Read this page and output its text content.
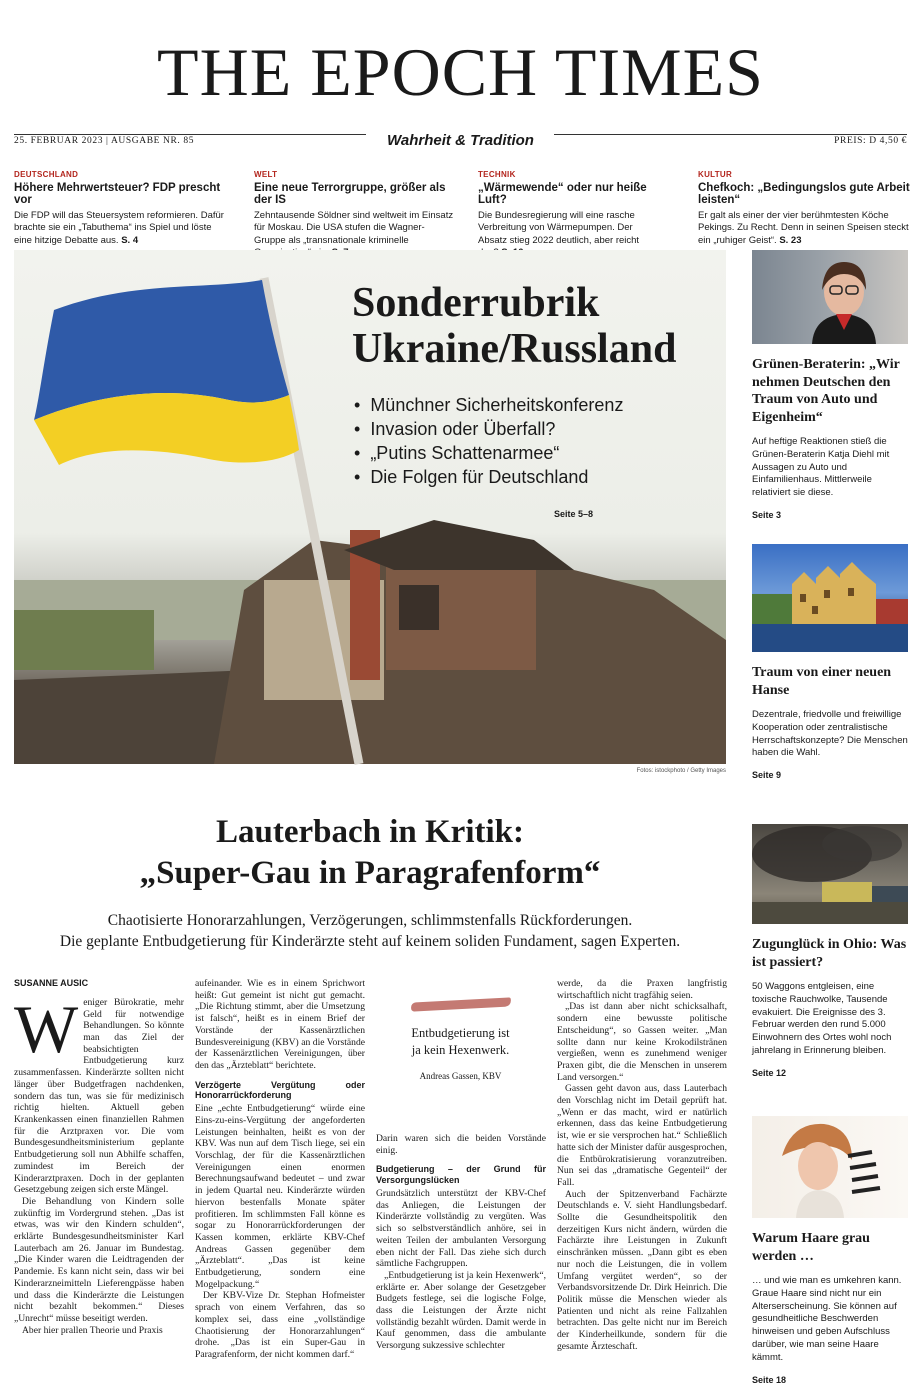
THE EPOCH TIMES
25. FEBRUAR 2023 | AUSGABE NR. 85	Wahrheit & Tradition	PREIS: D 4,50 €
DEUTSCHLAND
Höhere Mehrwertsteuer? FDP prescht vor
Die FDP will das Steuersystem reformieren. Dafür brachte sie ein „Tabuthema“ ins Spiel und löste eine hitzige Debatte aus. S. 4
WELT
Eine neue Terrorgruppe, größer als der IS
Zehntausende Söldner sind weltweit im Einsatz für Moskau. Die USA stufen die Wagner-Gruppe als „transnationale kriminelle
TECHNIK
„Wärmewende“ oder nur heiße Luft?
Die Bundesregierung will eine rasche Verbreitung von Wärmepumpen. Der Absatz stieg 2022 deutlich, aber reicht
KULTUR
Chefkoch: „Bedingungslos gute Arbeit leisten“
Er galt als einer der vier berühmtesten Köche Pekings. Zu Recht. Denn in seinen Speisen steckt ein „ruhiger Geist“. S. 23
Sonderrubrik
Ukraine/Russland
• Münchner Sicherheitskonferenz
• Invasion oder Überfall?
• „Putins Schattenarmee“
• Die Folgen für Deutschland
Seite 5–8
Fotos: istockphoto / Getty Images
Grünen-Beraterin: „Wir nehmen Deutschen den Traum von Auto und Eigenheim“
Auf heftige Reaktionen stieß die Grünen-Beraterin Katja Diehl mit Aussagen zu Auto und Einfamilienhaus. Mittlerweile relativiert sie diese.
Seite 3
Traum von einer neuen Hanse
Dezentrale, friedvolle und freiwillige Kooperation oder zentralistische Herrschaftskonzepte? Die Menschen haben die Wahl.
Seite 9
Zugunglück in Ohio: Was ist passiert?
50 Waggons entgleisen, eine toxische Rauchwolke, Tausende evakuiert. Die Ereignisse des 3. Februar werden den rund 5.000 Einwohnern des Ortes wohl noch jahrelang in Erinnerung bleiben.
Seite 12
Warum Haare grau werden …
… und wie man es umkehren kann. Graue Haare sind nicht nur ein Alterserscheinung. Sie können auf gesundheitliche Beschwerden hinweisen und geben Aufschluss darüber, wie man seine Haare kämmt.
Seite 18
Lauterbach in Kritik:
„Super-Gau in Paragrafenform“
Chaotisierte Honorarzahlungen, Verzögerungen, schlimmstenfalls Rückforderungen.
Die geplante Entbudgetierung für Kinderärzte steht auf keinem soliden Fundament, sagen Experten.
SUSANNE AUSIC

Weniger Bürokratie, mehr Geld für notwendige Behandlungen. So könnte man das Ziel der beabsichtigten Entbudgetierung kurz zusammenfassen. Kinderärzte sollten nicht länger über Budgetfragen nachdenken, sondern das tun, was sie für medizinisch richtig hielten. Aktuell geben Krankenkassen einen finanziellen Rahmen für die Arztpraxen vor. Die vom Bundesgesundheitsministerium geplante Entbudgetierung soll nun Abhilfe schaffen, zumindest im Bereich der Kinderarztpraxen. Doch in der geplanten Gesetzgebung zeigen sich erste Mängel.

Die Behandlung von Kindern solle zukünftig im Vordergrund stehen. „Das ist etwas, was wir den Kindern schulden“, erklärte Bundesgesundheitsminister Karl Lauterbach am 26. Januar im Bundestag. „Die Kinder waren die Leidtragenden der Pandemie. Es kann nicht sein, dass wir bei Kinderarzneimitteln Lieferengpässe haben und dass die Kinderärzte die Leistungen nicht bezahlt bekommen.“ Dieses „Unrecht“ müsse beseitigt werden.

Aber hier prallen Theorie und Praxis

aufeinander. Wie es in einem Sprichwort heißt: Gut gemeint ist nicht gut gemacht. „Die Richtung stimmt, aber die Umsetzung ist falsch“, heißt es in einem Brief der Vorstände der Kassenärztlichen Bundesvereinigung (KBV) an die Vorstände der Kassenärztlichen Vereinigungen, über den das „Ärzteblatt“ berichtete.

Verzögerte Vergütung oder Honorarrückforderung

Eine „echte Entbudgetierung“ würde eine Eins-zu-eins-Vergütung der angeforderten Leistungen beinhalten, heißt es von der KBV. Was nun auf dem Tisch liege, sei ein Vorschlag, der für die Kassenärztlichen Vereinigungen einen enormen Berechnungsaufwand bedeutet – und zwar in jedem Quartal neu. Kinderärzte würden hiervon bestenfalls Monate später profitieren. Im schlimmsten Fall könne es sogar zu Honorarrückforderungen der Kassen kommen, erklärte KBV-Chef Andreas Gassen gegenüber dem „Ärzteblatt“. „Das ist keine Entbudgetierung, sondern eine Mogelpackung.“

Der KBV-Vize Dr. Stephan Hofmeister sprach von einem Verfahren, das so komplex sei, dass eine „vollständige Chaotisierung der Honorarzahlungen“ drohe. „Das ist ein Super-Gau in Paragrafenform, der nicht kommen darf.“

Entbudgetierung ist
ja kein Hexenwerk.
Andreas Gassen, KBV

Darin waren sich die beiden Vorstände einig.

Budgetierung – der Grund für Versorgungslücken

Grundsätzlich unterstützt der KBV-Chef das Anliegen, die Leistungen der Kinderärzte vollständig zu vergüten. Was sich so selbstverständlich anhöre, sei in weiten Teilen der ambulanten Versorgung eben nicht der Fall. Das ziehe sich durch sämtliche Fachgruppen.

„Entbudgetierung ist ja kein Hexenwerk“, erklärte er. Aber solange der Gesetzgeber Budgets festlege, sei die logische Folge, dass die Leistungen der Ärzte nicht vollständig bezahlt würden. Damit werde in Kauf genommen, dass die ambulante Versorgung sukzessive schlechter

werde, da die Praxen langfristig wirtschaftlich nicht tragfähig seien.

„Das ist dann aber nicht schicksalhaft, sondern eine bewusste politische Entscheidung“, so Gassen weiter. „Man sollte dann nur keine Krokodilstränen vergießen, wenn es zunehmend weniger Praxen gibt, die die Menschen in unserem Land versorgen.“

Gassen geht davon aus, dass Lauterbach den Vorschlag nicht im Detail geprüft hat. „Wenn er das macht, wird er natürlich erkennen, dass das keine Entbudgetierung ist, wie er sie versprochen hat.“ Schließlich hatte sich der Minister dafür ausgesprochen, die Entbürokratisierung voranzutreiben. Nun sei das „dramatische Gegenteil“ der Fall.

Auch der Spitzenverband Fachärzte Deutschlands e. V. sieht Handlungsbedarf. Sollte die Gesundheitspolitik den derzeitigen Kurs nicht ändern, würden die Fachärzte ihre Leistungen in Zukunft einschränken müssen. „Dann gibt es eben nur noch die Leistungen, die in vollem Umfang vergütet werden“, so der Verbandsvorsitzende Dr. Dirk Heinrich. Die Politik müsse die Menschen wieder als Patienten und nicht als reine Fallzahlen betrachten. Das gelte nicht nur im Bereich der Kinderheilkunde, sondern für die gesamte Ärzteschaft.
